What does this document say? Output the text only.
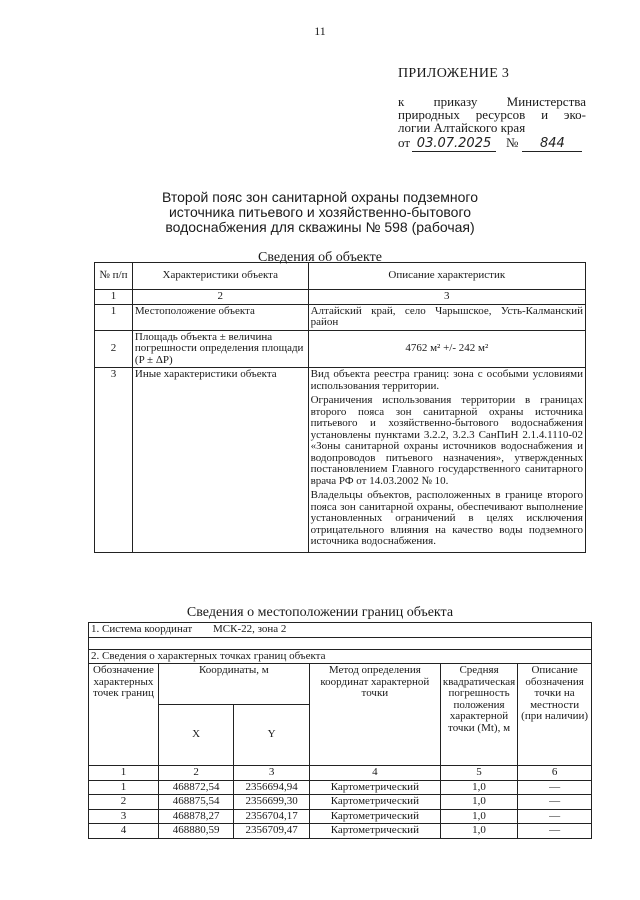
11
ПРИЛОЖЕНИЕ 3
к приказу Министерства
природных ресурсов и эко-
логии Алтайского края
от 03.07.2025	№	844
Второй пояс зон санитарной охраны подземного источника питьевого и хозяйственно-бытового водоснабжения для скважины № 598 (рабочая)
Сведения об объекте
№ п/п	Характеристики объекта	Описание характеристик
1	2	3
1	Местоположение объекта	Алтайский край, село Чарышское, Усть-Калманский район
2	Площадь объекта ± величина погрешности определения площади (P ± ΔP)	4762 м² +/- 242 м²
3	Иные характеристики объекта	Вид объекта реестра границ: зона с особыми условиями использования территории.

Ограничения использования территории в границах второго пояса зон санитарной охраны источника питьевого и хозяйственно-бытового водоснабжения установлены пунктами 3.2.2, 3.2.3 СанПиН 2.1.4.1110-02 «Зоны санитарной охраны источников водоснабжения и водопроводов питьевого назначения», утвержденных постановлением Главного государственного санитарного врача РФ от 14.03.2002 № 10.

Владельцы объектов, расположенных в границе второго пояса зон санитарной охраны, обеспечивают выполнение установленных ограничений в целях исключения отрицательного влияния на качество воды подземного источника водоснабжения.

Сведения о местоположении границ объекта
1. Система координат МСК-22, зона 2					

2. Сведения о характерных точках границ объекта					
Обозначение характерных точек границ	Координаты, м		Метод определения координат характерной точки	Средняя квадратическая погрешность положения характерной точки (Mt), м	Описание обозначения точки на местности (при наличии)
	X	Y			
1	2	3	4	5	6
1	468872,54	2356694,94	Картометрический	1,0	—
2	468875,54	2356699,30	Картометрический	1,0	—
3	468878,27	2356704,17	Картометрический	1,0	—
4	468880,59	2356709,47	Картометрический	1,0	—
